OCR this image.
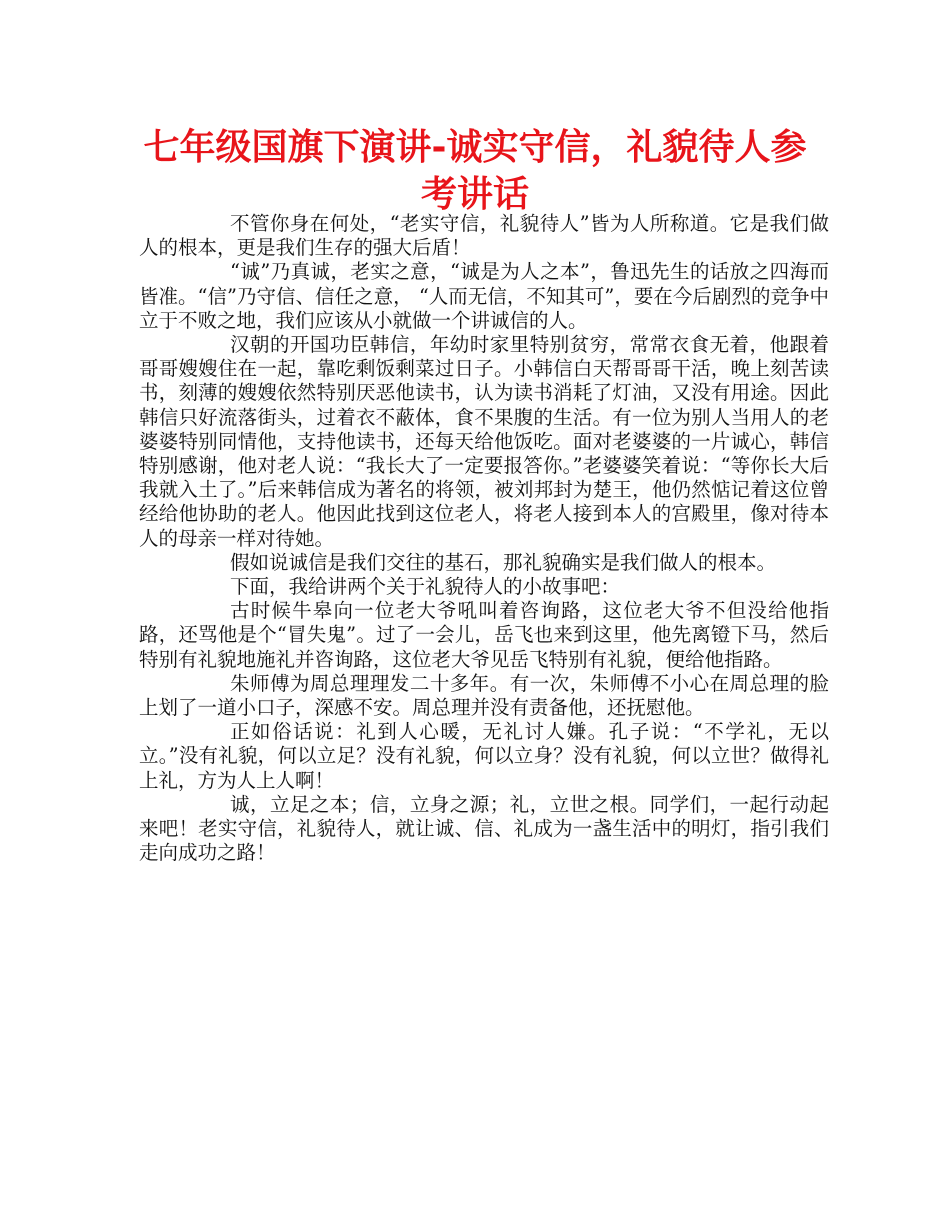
七年级国旗下演讲-诚实守信，礼貌待人参考讲话

不管你身在何处，“老实守信，礼貌待人”皆为人所称道。它是我们做人的根本，更是我们生存的强大后盾！

“诚”乃真诚，老实之意，“诚是为人之本”，鲁迅先生的话放之四海而皆准。“信”乃守信、信任之意， “人而无信，不知其可”，要在今后剧烈的竞争中立于不败之地，我们应该从小就做一个讲诚信的人。

汉朝的开国功臣韩信，年幼时家里特别贫穷，常常衣食无着，他跟着哥哥嫂嫂住在一起，靠吃剩饭剩菜过日子。小韩信白天帮哥哥干活，晚上刻苦读书，刻薄的嫂嫂依然特别厌恶他读书，认为读书消耗了灯油，又没有用途。因此韩信只好流落街头，过着衣不蔽体，食不果腹的生活。有一位为别人当用人的老婆婆特别同情他，支持他读书，还每天给他饭吃。面对老婆婆的一片诚心，韩信特别感谢，他对老人说：“我长大了一定要报答你。”老婆婆笑着说：“等你长大后我就入土了。”后来韩信成为著名的将领，被刘邦封为楚王，他仍然惦记着这位曾经给他协助的老人。他因此找到这位老人，将老人接到本人的宫殿里，像对待本人的母亲一样对待她。

假如说诚信是我们交往的基石，那礼貌确实是我们做人的根本。

下面，我给讲两个关于礼貌待人的小故事吧：

古时候牛皋向一位老大爷吼叫着咨询路，这位老大爷不但没给他指路，还骂他是个“冒失鬼”。过了一会儿，岳飞也来到这里，他先离镫下马，然后特别有礼貌地施礼并咨询路，这位老大爷见岳飞特别有礼貌，便给他指路。

朱师傅为周总理理发二十多年。有一次，朱师傅不小心在周总理的脸上划了一道小口子，深感不安。周总理并没有责备他，还抚慰他。

正如俗话说：礼到人心暖，无礼讨人嫌。孔子说：“不学礼，无以立。”没有礼貌，何以立足？没有礼貌，何以立身？没有礼貌，何以立世？做得礼上礼，方为人上人啊！

诚，立足之本；信，立身之源；礼，立世之根。同学们，一起行动起来吧！老实守信，礼貌待人，就让诚、信、礼成为一盏生活中的明灯，指引我们走向成功之路！
